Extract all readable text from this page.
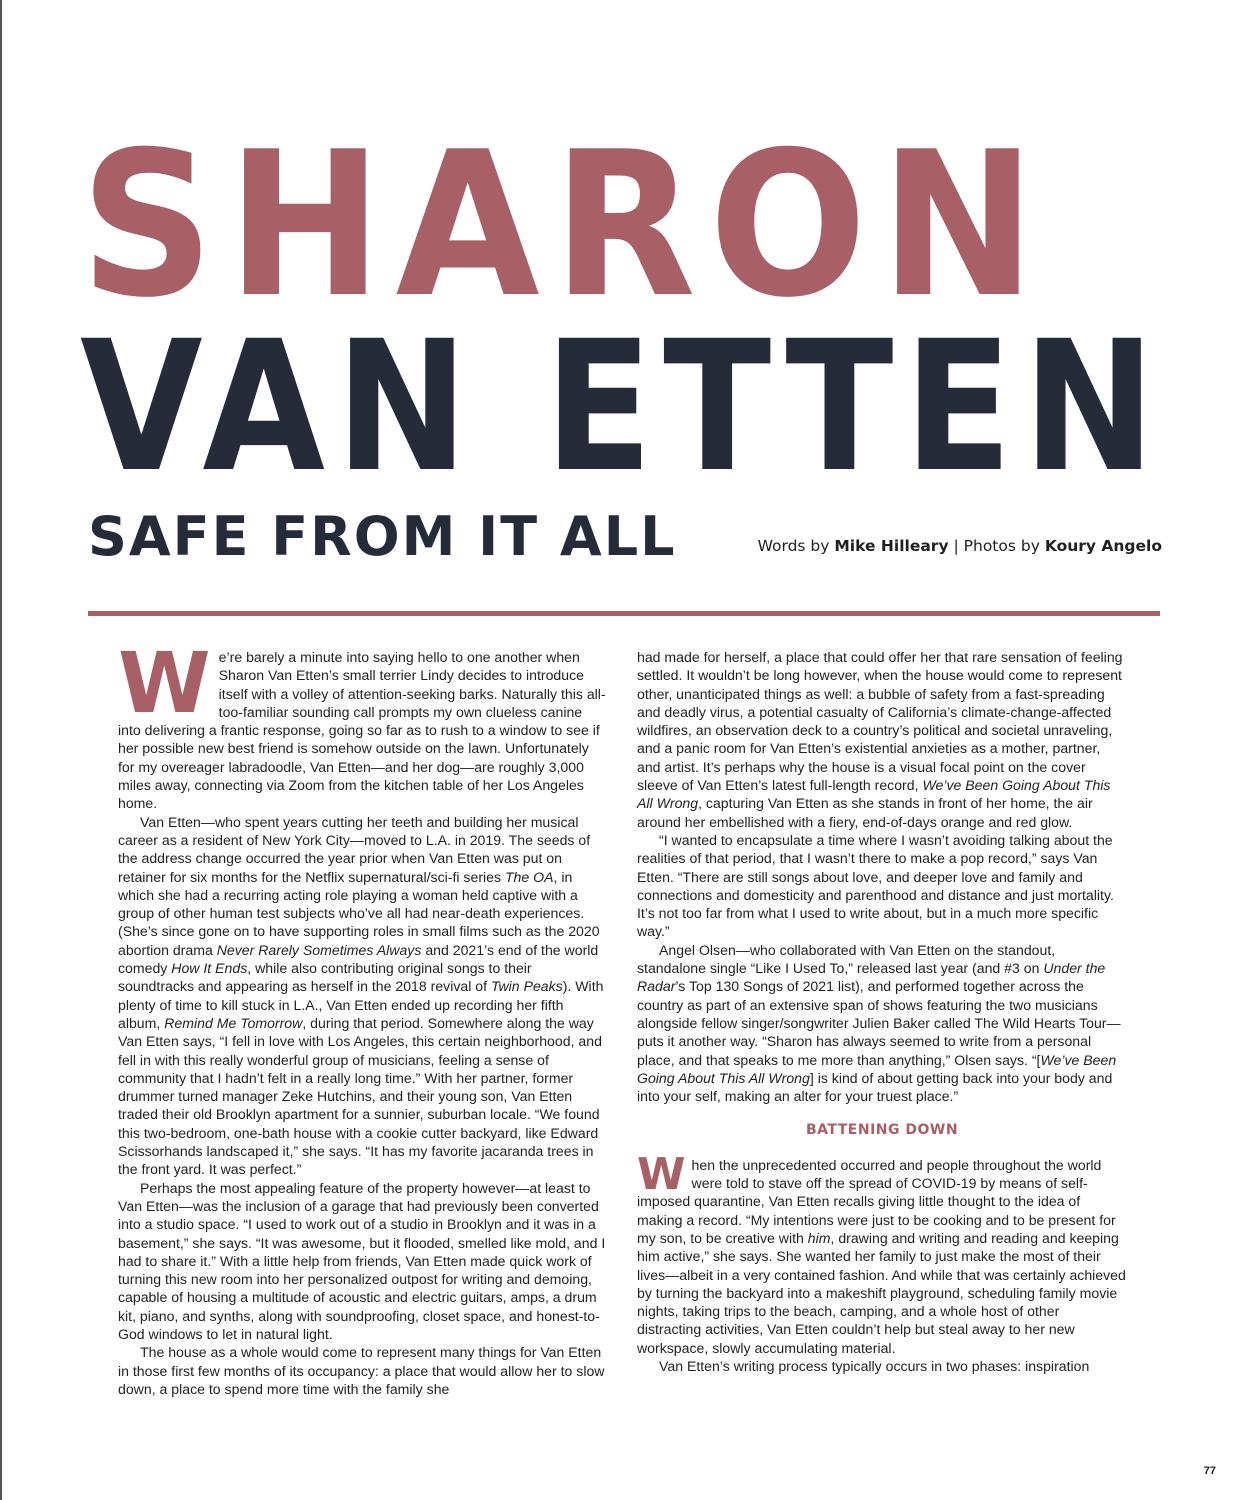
SHARON
VAN ETTEN
SAFE FROM IT ALL	Words by Mike Hilleary | Photos by Koury Angelo

We’re barely a minute into saying hello to one another when Sharon Van Etten’s small terrier Lindy decides to introduce itself with a volley of attention-seeking barks. Naturally this all-too-familiar sounding call prompts my own clueless canine into delivering a frantic response, going so far as to rush to a window to see if her possible new best friend is somehow outside on the lawn. Unfortunately for my overeager labradoodle, Van Etten—and her dog—are roughly 3,000 miles away, connecting via Zoom from the kitchen table of her Los Angeles home.

Van Etten—who spent years cutting her teeth and building her musical career as a resident of New York City—moved to L.A. in 2019. The seeds of the address change occurred the year prior when Van Etten was put on retainer for six months for the Netflix supernatural/sci-fi series The OA, in which she had a recurring acting role playing a woman held captive with a group of other human test subjects who’ve all had near-death experiences. (She’s since gone on to have supporting roles in small films such as the 2020 abortion drama Never Rarely Sometimes Always and 2021’s end of the world comedy How It Ends, while also contributing original songs to their soundtracks and appearing as herself in the 2018 revival of Twin Peaks). With plenty of time to kill stuck in L.A., Van Etten ended up recording her fifth album, Remind Me Tomorrow, during that period. Somewhere along the way Van Etten says, “I fell in love with Los Angeles, this certain neighborhood, and fell in with this really wonderful group of musicians, feeling a sense of community that I hadn’t felt in a really long time.” With her partner, former drummer turned manager Zeke Hutchins, and their young son, Van Etten traded their old Brooklyn apartment for a sunnier, suburban locale. “We found this two-bedroom, one-bath house with a cookie cutter backyard, like Edward Scissorhands landscaped it,” she says. “It has my favorite jacaranda trees in the front yard. It was perfect.”

Perhaps the most appealing feature of the property however—at least to Van Etten—was the inclusion of a garage that had previously been converted into a studio space. “I used to work out of a studio in Brooklyn and it was in a basement,” she says. “It was awesome, but it flooded, smelled like mold, and I had to share it.” With a little help from friends, Van Etten made quick work of turning this new room into her personalized outpost for writing and demoing, capable of housing a multitude of acoustic and electric guitars, amps, a drum kit, piano, and synths, along with soundproofing, closet space, and honest-to-God windows to let in natural light.

The house as a whole would come to represent many things for Van Etten in those first few months of its occupancy: a place that would allow her to slow down, a place to spend more time with the family she

had made for herself, a place that could offer her that rare sensation of feeling settled. It wouldn’t be long however, when the house would come to represent other, unanticipated things as well: a bubble of safety from a fast-spreading and deadly virus, a potential casualty of California’s climate-change-affected wildfires, an observation deck to a country’s political and societal unraveling, and a panic room for Van Etten’s existential anxieties as a mother, partner, and artist. It’s perhaps why the house is a visual focal point on the cover sleeve of Van Etten’s latest full-length record, We’ve Been Going About This All Wrong, capturing Van Etten as she stands in front of her home, the air around her embellished with a fiery, end-of-days orange and red glow.

“I wanted to encapsulate a time where I wasn’t avoiding talking about the realities of that period, that I wasn’t there to make a pop record,” says Van Etten. “There are still songs about love, and deeper love and family and connections and domesticity and parenthood and distance and just mortality. It’s not too far from what I used to write about, but in a much more specific way.”

Angel Olsen—who collaborated with Van Etten on the standout, standalone single “Like I Used To,” released last year (and #3 on Under the Radar’s Top 130 Songs of 2021 list), and performed together across the country as part of an extensive span of shows featuring the two musicians alongside fellow singer/songwriter Julien Baker called The Wild Hearts Tour—puts it another way. “Sharon has always seemed to write from a personal place, and that speaks to me more than anything,” Olsen says. “[We’ve Been Going About This All Wrong] is kind of about getting back into your body and into your self, making an alter for your truest place.”

BATTENING DOWN

When the unprecedented occurred and people throughout the world were told to stave off the spread of COVID-19 by means of self-imposed quarantine, Van Etten recalls giving little thought to the idea of making a record. “My intentions were just to be cooking and to be present for my son, to be creative with him, drawing and writing and reading and keeping him active,” she says. She wanted her family to just make the most of their lives—albeit in a very contained fashion. And while that was certainly achieved by turning the backyard into a makeshift playground, scheduling family movie nights, taking trips to the beach, camping, and a whole host of other distracting activities, Van Etten couldn’t help but steal away to her new workspace, slowly accumulating material.

Van Etten’s writing process typically occurs in two phases: inspiration

77
